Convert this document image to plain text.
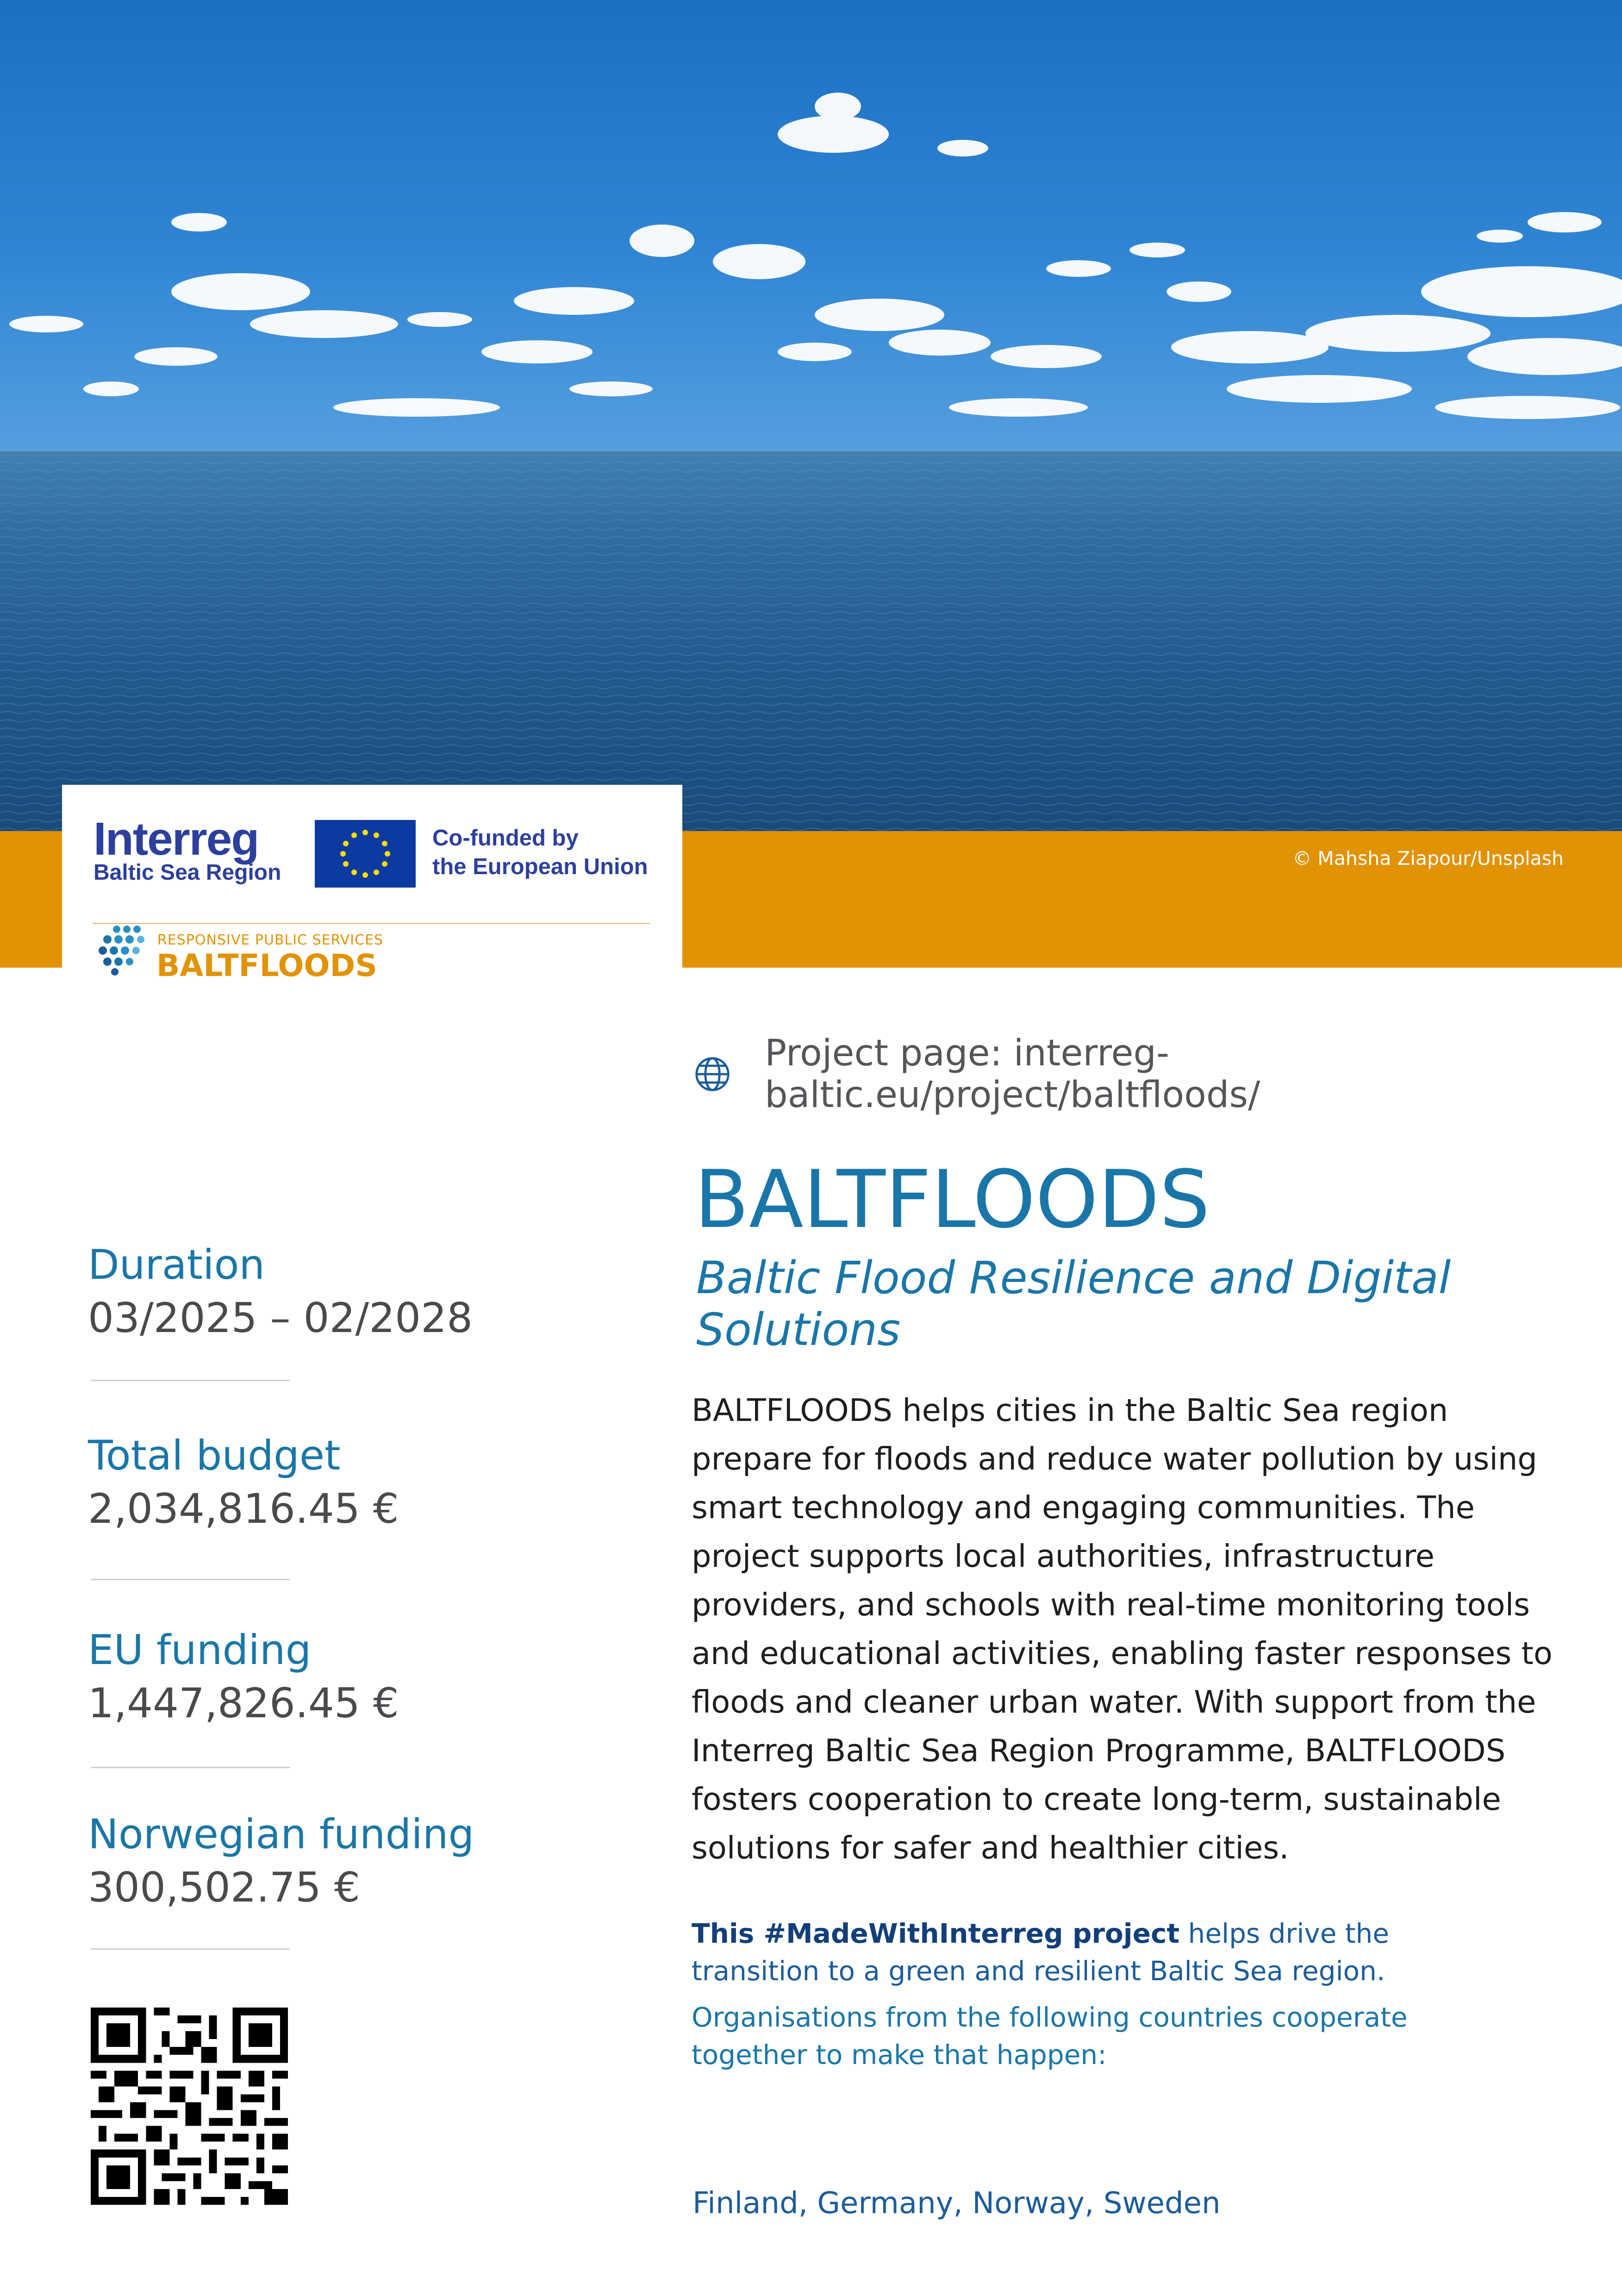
© Mahsha Ziapour/Unsplash
Interreg
Baltic Sea Region
Co-funded by
the European Union
RESPONSIVE PUBLIC SERVICES
BALTFLOODS
Project page: interreg-baltic.eu/project/baltfloods/
BALTFLOODS
Baltic Flood Resilience and Digital Solutions
BALTFLOODS helps cities in the Baltic Sea region prepare for floods and reduce water pollution by using smart technology and engaging communities. The project supports local authorities, infrastructure providers, and schools with real-time monitoring tools and educational activities, enabling faster responses to floods and cleaner urban water. With support from the Interreg Baltic Sea Region Programme, BALTFLOODS fosters cooperation to create long-term, sustainable solutions for safer and healthier cities.
This #MadeWithInterreg project helps drive the transition to a green and resilient Baltic Sea region.
Organisations from the following countries cooperate together to make that happen:
Finland, Germany, Norway, Sweden
Duration
03/2025 – 02/2028
Total budget
2,034,816.45 €
EU funding
1,447,826.45 €
Norwegian funding
300,502.75 €
